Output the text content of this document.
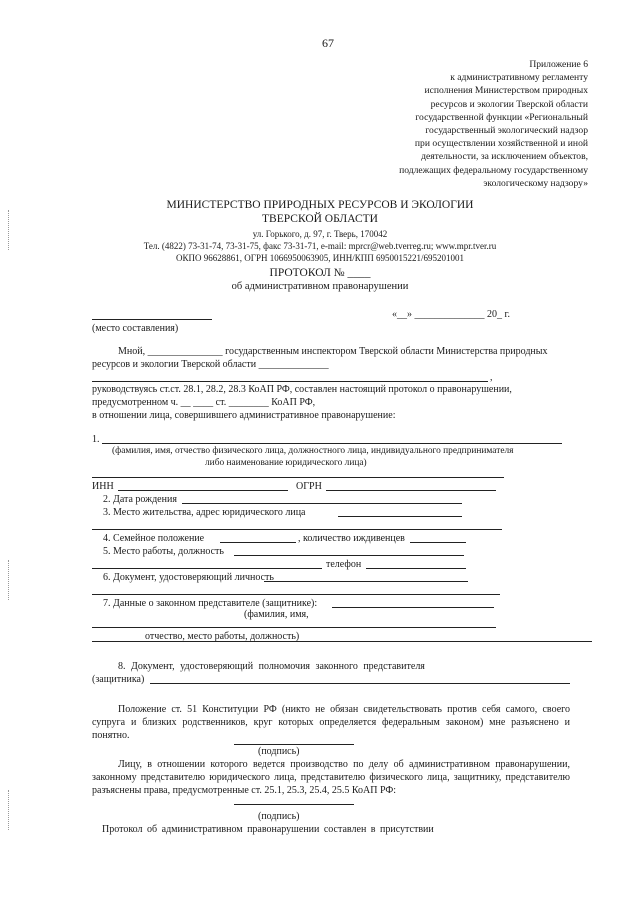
67
Приложение 6
к административному регламенту
исполнения Министерством природных
ресурсов и экологии Тверской области
государственной функции «Региональный
государственный экологический надзор
при осуществлении хозяйственной и иной
деятельности, за исключением объектов,
подлежащих федеральному государственному
экологическому надзору»
МИНИСТЕРСТВО ПРИРОДНЫХ РЕСУРСОВ И ЭКОЛОГИИ
ТВЕРСКОЙ ОБЛАСТИ
ул. Горького, д. 97, г. Тверь, 170042
Тел. (4822) 73-31-74, 73-31-75, факс 73-31-71, e-mail: mprcr@web.tverreg.ru; www.mpr.tver.ru
ОКПО 96628861, ОГРН 1066950063905, ИНН/КПП 6950015221/695201001
ПРОТОКОЛ № ____
об административном правонарушении
«__» ______________ 20_ г.
(место составления)
Мной, _______________ государственным инспектором Тверской области Министерства природных
ресурсов и экологии Тверской области ______________
,
руководствуясь ст.ст. 28.1, 28.2, 28.3 КоАП РФ, составлен настоящий протокол о правонарушении,
предусмотренном ч. __ ____ ст. ________ КоАП РФ,
в отношении лица, совершившего административное правонарушение:
1.
(фамилия, имя, отчество физического лица, должностного лица, индивидуального предпринимателя
либо наименование юридического лица)
ИНН	ОГРН
2. Дата рождения
3. Место жительства, адрес юридического лица
4. Семейное положение	, количество иждивенцев
5. Место работы, должность
телефон
6. Документ, удостоверяющий личность
7. Данные о законном представителе (защитнике):
(фамилия, имя,
отчество, место работы, должность)
8. Документ, удостоверяющий полномочия законного представителя
(защитника)
Положение ст. 51 Конституции РФ (никто не обязан свидетельствовать против себя самого, своего супруга и близких родственников, круг которых определяется федеральным законом) мне разъяснено и понятно.
(подпись)
Лицу, в отношении которого ведется производство по делу об административном правонарушении, законному представителю юридического лица, представителю физического лица, защитнику, представителю разъяснены права, предусмотренные ст. 25.1, 25.3, 25.4, 25.5 КоАП РФ:
(подпись)
Протокол об административном правонарушении составлен в присутствии
